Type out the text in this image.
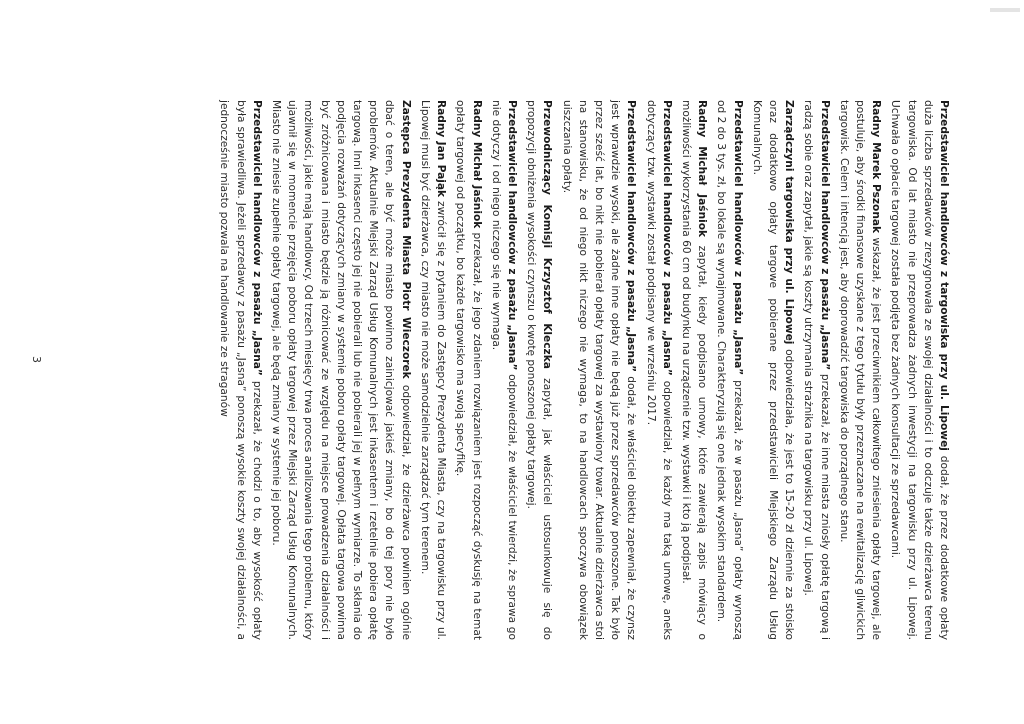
Przedstawiciel handlowców z targowiska przy ul. Lipowej dodał, że przez dodatkowe opłaty duża liczba sprzedawców zrezygnowała ze swojej działalności i to odczuje także dzierżawca terenu targowiska. Od lat miasto nie przeprowadza żadnych inwestycji na targowisku przy ul. Lipowej. Uchwała o opłacie targowej została podjęta bez żadnych konsultacji ze sprzedawcami.

Radny Marek Pszonak wskazał, że jest przeciwnikiem całkowitego zniesienia opłaty targowej, ale postuluje, aby środki finansowe uzyskane z tego tytułu były przeznaczane na rewitalizację gliwickich targowisk. Celem i intencją jest, aby doprowadzić targowiska do porządnego stanu.

Przedstawiciel handlowców z pasażu „Jasna” przekazał, że inne miasta zniosły opłatę targową i radzą sobie oraz zapytał, jakie są koszty utrzymania strażnika na targowisku przy ul. Lipowej.

Zarządczyni targowiska przy ul. Lipowej odpowiedziała, że jest to 15-20 zł dziennie za stoisko oraz dodatkowo opłaty targowe pobierane przez przedstawicieli Miejskiego Zarządu Usług Komunalnych.

Przedstawiciel handlowców z pasażu „Jasna” przekazał, że w pasażu „Jasna” opłaty wynoszą od 2 do 3 tys. zł, bo lokale są wynajmowane. Charakteryzują się one jednak wysokim standardem.

Radny Michał Jaśniok zapytał, kiedy podpisano umowy, które zawierają zapis mówiący o możliwości wykorzystania 60 cm od budynku na urządzenie tzw. wystawki i kto ją podpisał.

Przedstawiciel handlowców z pasażu „Jasna” odpowiedział, że każdy ma taką umowę, aneks dotyczący tzw. wystawki został podpisany we wrześniu 2017.

Przedstawiciel handlowców z pasażu „Jasna” dodał, że właściciel obiektu zapewniał, że czynsz jest wprawdzie wysoki, ale żadne inne opłaty nie będą już przez sprzedawców ponoszone. Tak było przez sześć lat, bo nikt nie pobierał opłaty targowej za wystawiony towar. Aktualnie dzierżawca stoi na stanowisku, że od niego nikt niczego nie wymaga, to na handlowcach spoczywa obowiązek uiszczania opłaty.

Przewodniczący Komisji Krzysztof Kleczka zapytał, jak właściciel ustosunkowuje się do propozycji obniżenia wysokości czynszu o kwotę ponoszonej opłaty targowej.

Przedstawiciel handlowców z pasażu „Jasna” odpowiedział, że właściciel twierdzi, że sprawa go nie dotyczy i od niego niczego się nie wymaga.

Radny Michał Jaśniok przekazał, że jego zdaniem rozwiązaniem jest rozpocząć dyskusję na temat opłaty targowej od początku, bo każde targowisko ma swoją specyfikę.

Radny Jan Pająk zwrócił się z pytaniem do Zastępcy Prezydenta Miasta, czy na targowisku przy ul. Lipowej musi być dzierżawca, czy miasto nie może samodzielnie zarządzać tym terenem.

Zastępca Prezydenta Miasta Piotr Wieczorek odpowiedział, że dzierżawca powinien ogólnie dbać o teren, ale być może miasto powinno zainicjować jakieś zmiany, bo do tej pory nie było problemów. Aktualnie Miejski Zarząd Usług Komunalnych jest inkasentem i rzetelnie pobiera opłatę targową. Inni inkasenci często jej nie pobierali lub nie pobierali jej w pełnym wymiarze. To skłania do podjęcia rozważań dotyczących zmiany w systemie poboru opłaty targowej. Opłata targowa powinna być zróżnicowana i miasto będzie ją różnicować ze względu na miejsce prowadzenia działalności i możliwości, jakie mają handlowcy. Od trzech miesięcy trwa proces analizowania tego problemu, który ujawnił się w momencie przejęcia poboru opłaty targowej przez Miejski Zarząd Usług Komunalnych. Miasto nie zniesie zupełnie opłaty targowej, ale będą zmiany w systemie jej poboru.

Przedstawiciel handlowców z pasażu „Jasna” przekazał, że chodzi o to, aby wysokość opłaty była sprawiedliwa. Jeżeli sprzedawcy z pasażu „Jasna” ponoszą wysokie koszty swojej działalności, a jednocześnie miasto pozwala na handlowanie ze straganów

3
